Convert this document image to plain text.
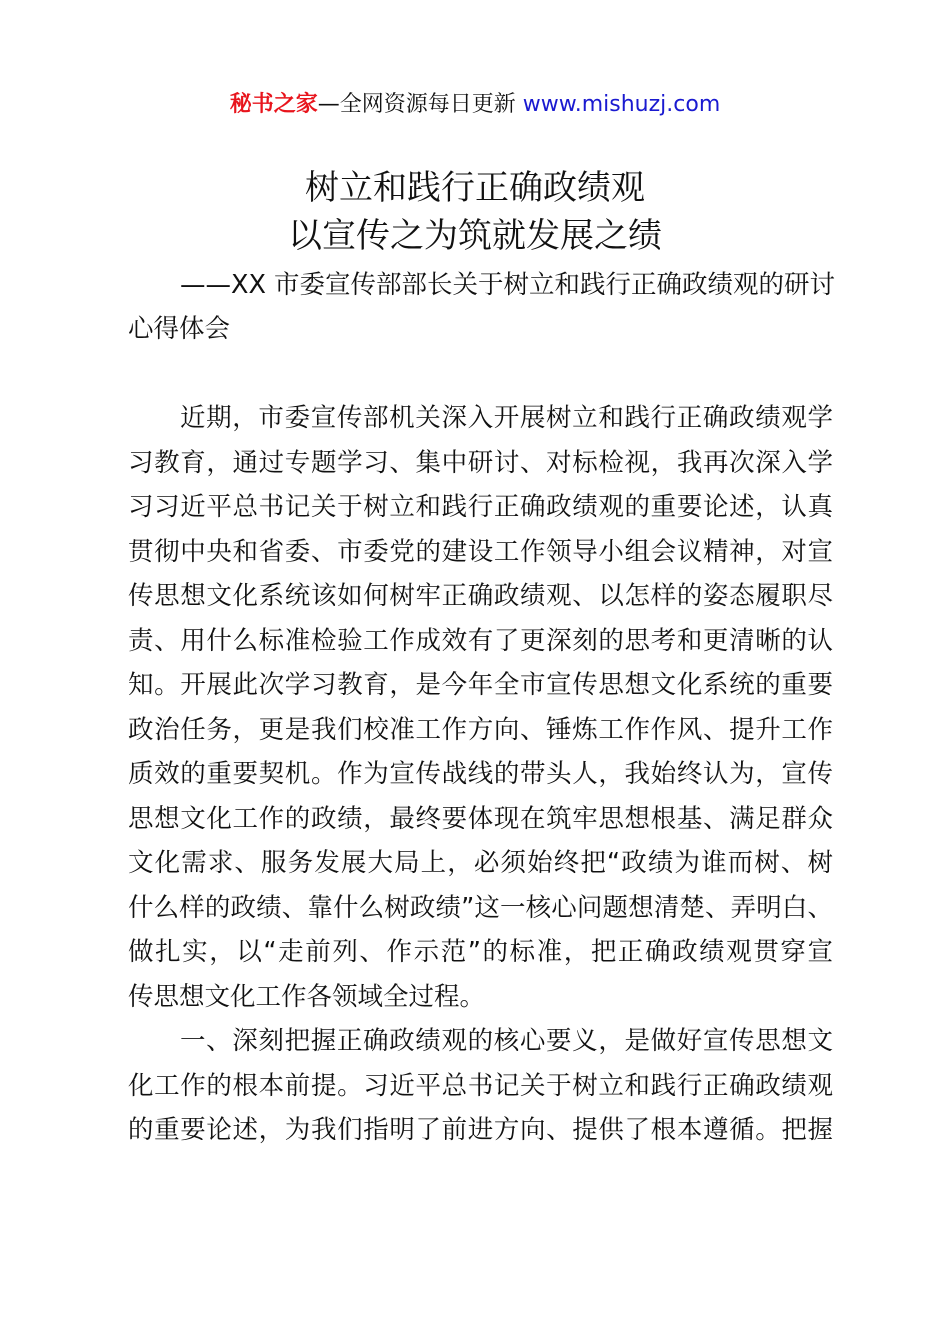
秘书之家—全网资源每日更新 www.mishuzj.com
树立和践行正确政绩观
以宣传之为筑就发展之绩
——XX 市委宣传部部长关于树立和践行正确政绩观的研讨
心得体会
近期，市委宣传部机关深入开展树立和践行正确政绩观学
习教育，通过专题学习、集中研讨、对标检视，我再次深入学
习习近平总书记关于树立和践行正确政绩观的重要论述，认真
贯彻中央和省委、市委党的建设工作领导小组会议精神，对宣
传思想文化系统该如何树牢正确政绩观、以怎样的姿态履职尽
责、用什么标准检验工作成效有了更深刻的思考和更清晰的认
知。开展此次学习教育，是今年全市宣传思想文化系统的重要
政治任务，更是我们校准工作方向、锤炼工作作风、提升工作
质效的重要契机。作为宣传战线的带头人，我始终认为，宣传
思想文化工作的政绩，最终要体现在筑牢思想根基、满足群众
文化需求、服务发展大局上，必须始终把“政绩为谁而树、树
什么样的政绩、靠什么树政绩”这一核心问题想清楚、弄明白、
做扎实，以“走前列、作示范”的标准，把正确政绩观贯穿宣
传思想文化工作各领域全过程。
一、深刻把握正确政绩观的核心要义，是做好宣传思想文
化工作的根本前提。习近平总书记关于树立和践行正确政绩观
的重要论述，为我们指明了前进方向、提供了根本遵循。把握
